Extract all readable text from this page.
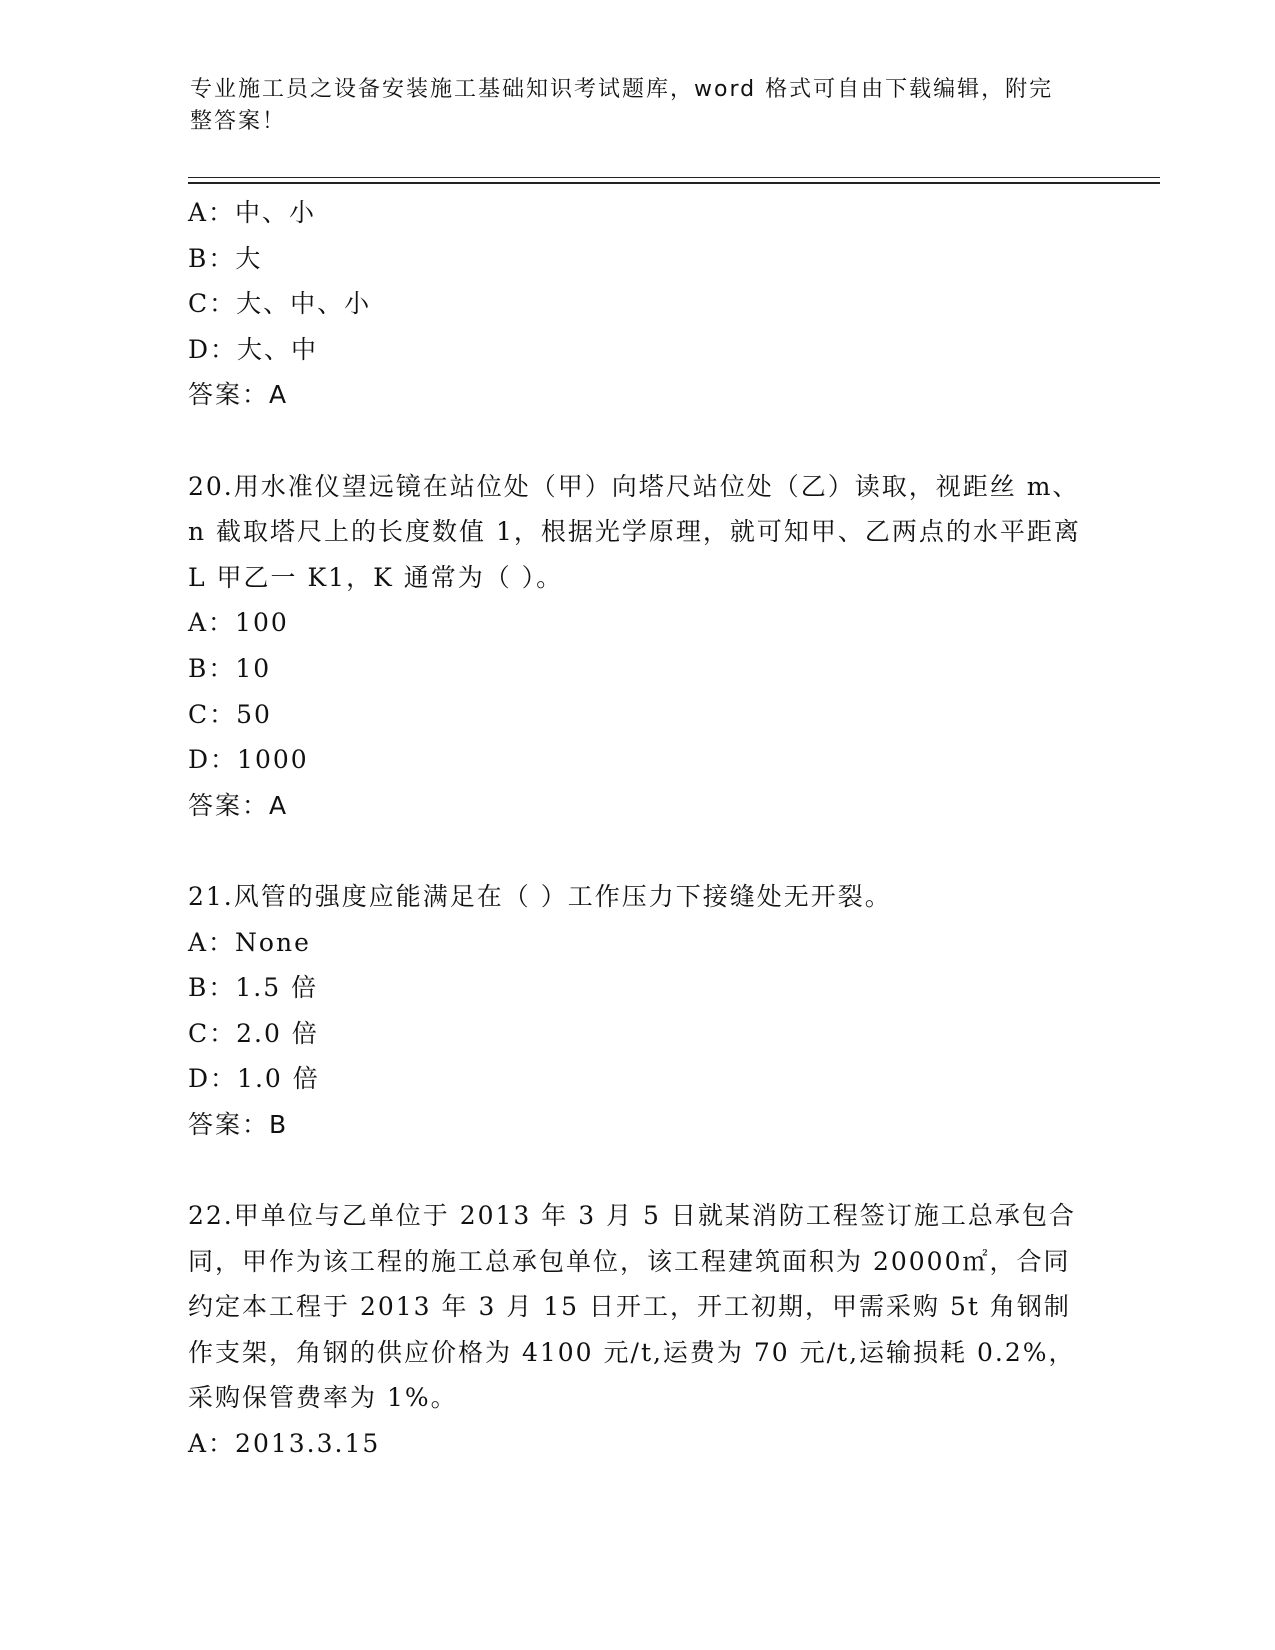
专业施工员之设备安装施工基础知识考试题库，word 格式可自由下载编辑，附完整答案！
A：中、小
B：大
C：大、中、小
D：大、中
答案：A
20.用水准仪望远镜在站位处（甲）向塔尺站位处（乙）读取，视距丝 m、n 截取塔尺上的长度数值 1，根据光学原理，就可知甲、乙两点的水平距离 L 甲乙一 K1，K 通常为（ ）。
A：100
B：10
C：50
D：1000
答案：A
21.风管的强度应能满足在（ ）工作压力下接缝处无开裂。
A：None
B：1.5 倍
C：2.0 倍
D：1.0 倍
答案：B
22.甲单位与乙单位于 2013 年 3 月 5 日就某消防工程签订施工总承包合同，甲作为该工程的施工总承包单位，该工程建筑面积为 20000㎡，合同约定本工程于 2013 年 3 月 15 日开工，开工初期，甲需采购 5t 角钢制作支架，角钢的供应价格为 4100 元/t,运费为 70 元/t,运输损耗 0.2%，采购保管费率为 1%。
A：2013.3.15
